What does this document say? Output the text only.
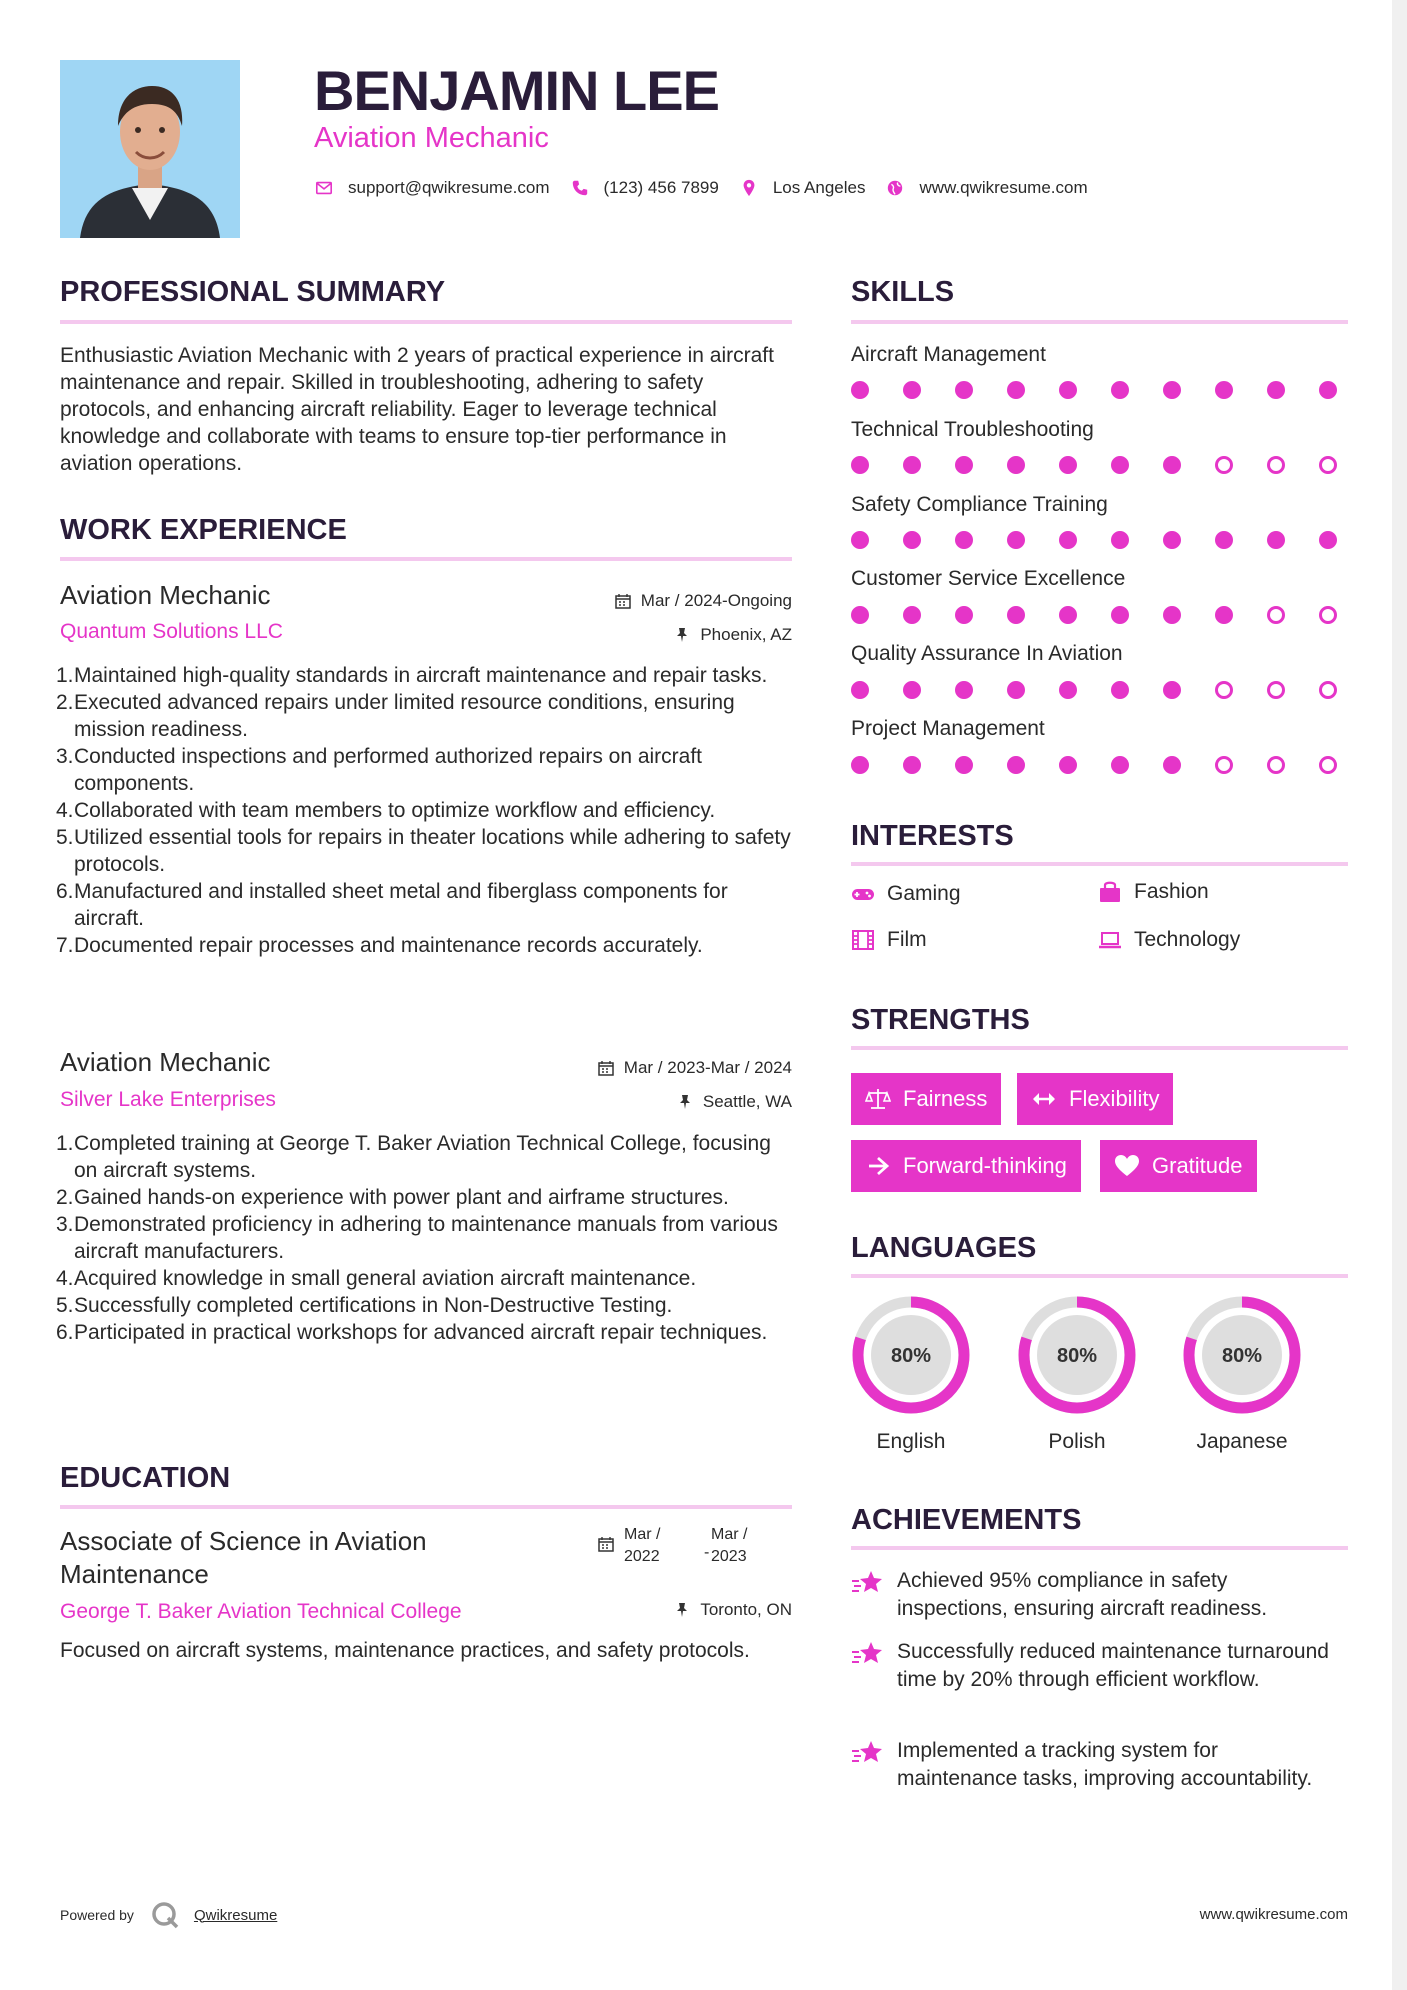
BENJAMIN LEE
Aviation Mechanic
support@qwikresume.com	(123) 456 7899	Los Angeles	www.qwikresume.com
PROFESSIONAL SUMMARY
Enthusiastic Aviation Mechanic with 2 years of practical experience in aircraft maintenance and repair. Skilled in troubleshooting, adhering to safety protocols, and enhancing aircraft reliability. Eager to leverage technical knowledge and collaborate with teams to ensure top-tier performance in aviation operations.
WORK EXPERIENCE
Aviation Mechanic	Mar / 2024-Ongoing
Quantum Solutions LLC	Phoenix, AZ
1. Maintained high-quality standards in aircraft maintenance and repair tasks.
2. Executed advanced repairs under limited resource conditions, ensuring mission readiness.
3. Conducted inspections and performed authorized repairs on aircraft components.
4. Collaborated with team members to optimize workflow and efficiency.
5. Utilized essential tools for repairs in theater locations while adhering to safety protocols.
6. Manufactured and installed sheet metal and fiberglass components for aircraft.
7. Documented repair processes and maintenance records accurately.
Aviation Mechanic	Mar / 2023-Mar / 2024
Silver Lake Enterprises	Seattle, WA
1. Completed training at George T. Baker Aviation Technical College, focusing on aircraft systems.
2. Gained hands-on experience with power plant and airframe structures.
3. Demonstrated proficiency in adhering to maintenance manuals from various aircraft manufacturers.
4. Acquired knowledge in small general aviation aircraft maintenance.
5. Successfully completed certifications in Non-Destructive Testing.
6. Participated in practical workshops for advanced aircraft repair techniques.
EDUCATION
Associate of Science in Aviation Maintenance
Mar / 2022	-
Mar / 2023
George T. Baker Aviation Technical College	Toronto, ON
Focused on aircraft systems, maintenance practices, and safety protocols.
SKILLS
Aircraft Management
Technical Troubleshooting
Safety Compliance Training
Customer Service Excellence
Quality Assurance In Aviation
Project Management
INTERESTS
Gaming	Fashion
Film	Technology
STRENGTHS
Fairness	Flexibility
Forward-thinking	Gratitude
LANGUAGES
80%
English
80%
Polish
80%
Japanese
ACHIEVEMENTS
Achieved 95% compliance in safety inspections, ensuring aircraft readiness.
Successfully reduced maintenance turnaround time by 20% through efficient workflow.
Implemented a tracking system for maintenance tasks, improving accountability.
Powered by	Qwikresume	www.qwikresume.com
